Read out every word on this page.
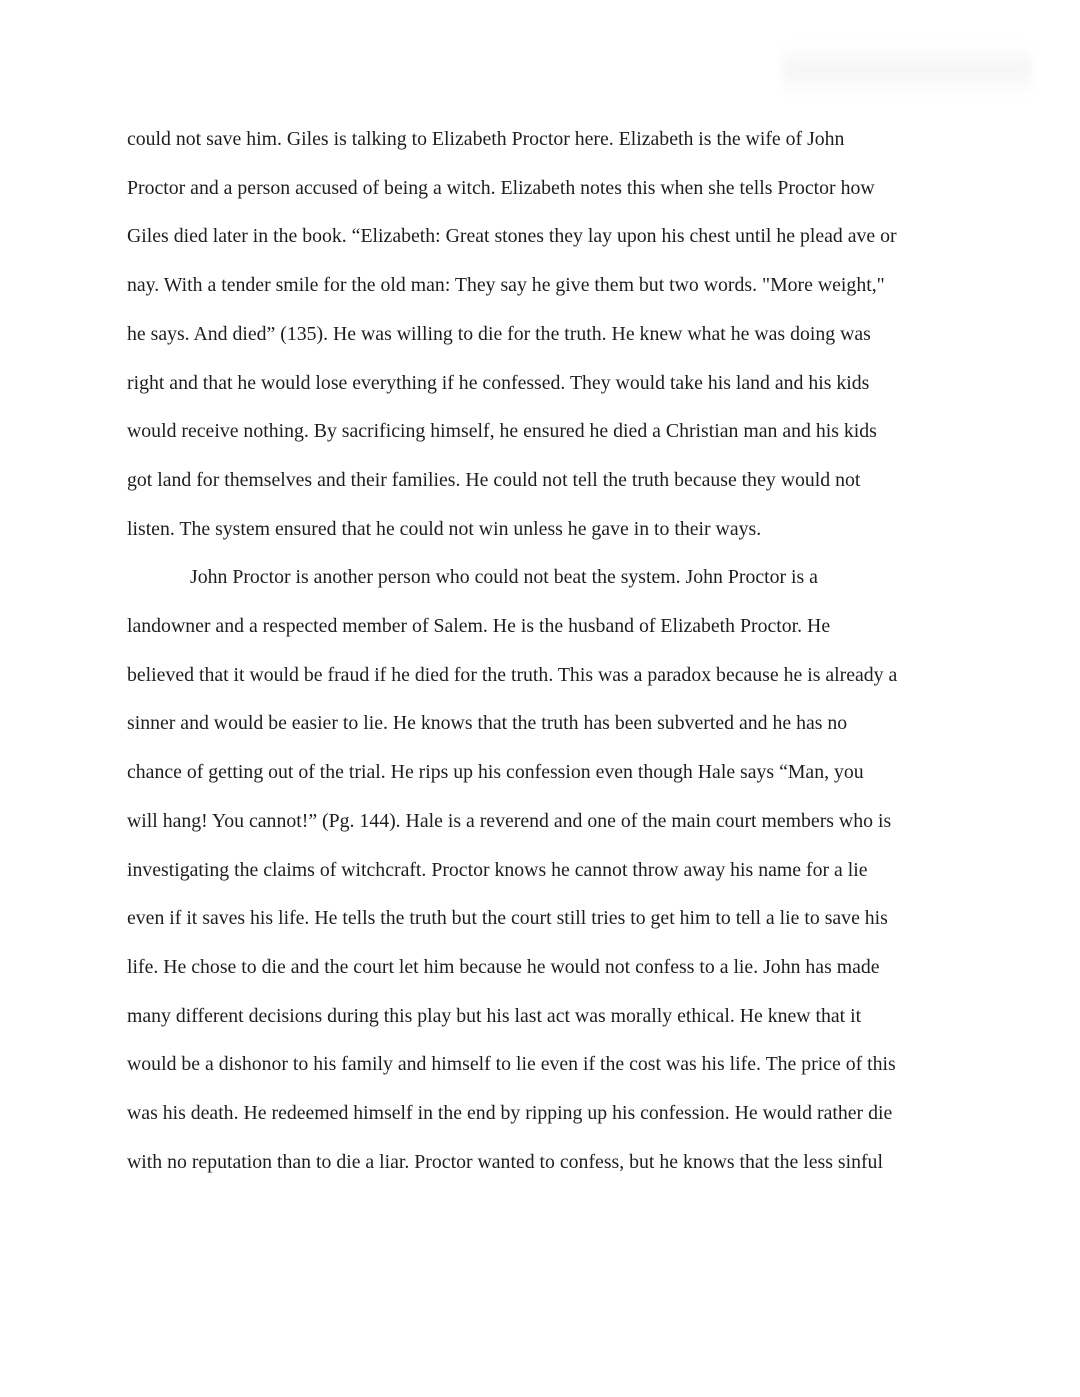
could not save him. Giles is talking to Elizabeth Proctor here. Elizabeth is the wife of John
Proctor and a person accused of being a witch. Elizabeth notes this when she tells Proctor how
Giles died later in the book. “Elizabeth: Great stones they lay upon his chest until he plead ave or
nay. With a tender smile for the old man: They say he give them but two words. "More weight,"
he says. And died” (135). He was willing to die for the truth. He knew what he was doing was
right and that he would lose everything if he confessed. They would take his land and his kids
would receive nothing. By sacrificing himself, he ensured he died a Christian man and his kids
got land for themselves and their families. He could not tell the truth because they would not
listen. The system ensured that he could not win unless he gave in to their ways.
John Proctor is another person who could not beat the system. John Proctor is a
landowner and a respected member of Salem. He is the husband of Elizabeth Proctor. He
believed that it would be fraud if he died for the truth. This was a paradox because he is already a
sinner and would be easier to lie. He knows that the truth has been subverted and he has no
chance of getting out of the trial. He rips up his confession even though Hale says “Man, you
will hang! You cannot!” (Pg. 144). Hale is a reverend and one of the main court members who is
investigating the claims of witchcraft. Proctor knows he cannot throw away his name for a lie
even if it saves his life. He tells the truth but the court still tries to get him to tell a lie to save his
life. He chose to die and the court let him because he would not confess to a lie. John has made
many different decisions during this play but his last act was morally ethical. He knew that it
would be a dishonor to his family and himself to lie even if the cost was his life. The price of this
was his death. He redeemed himself in the end by ripping up his confession. He would rather die
with no reputation than to die a liar. Proctor wanted to confess, but he knows that the less sinful
